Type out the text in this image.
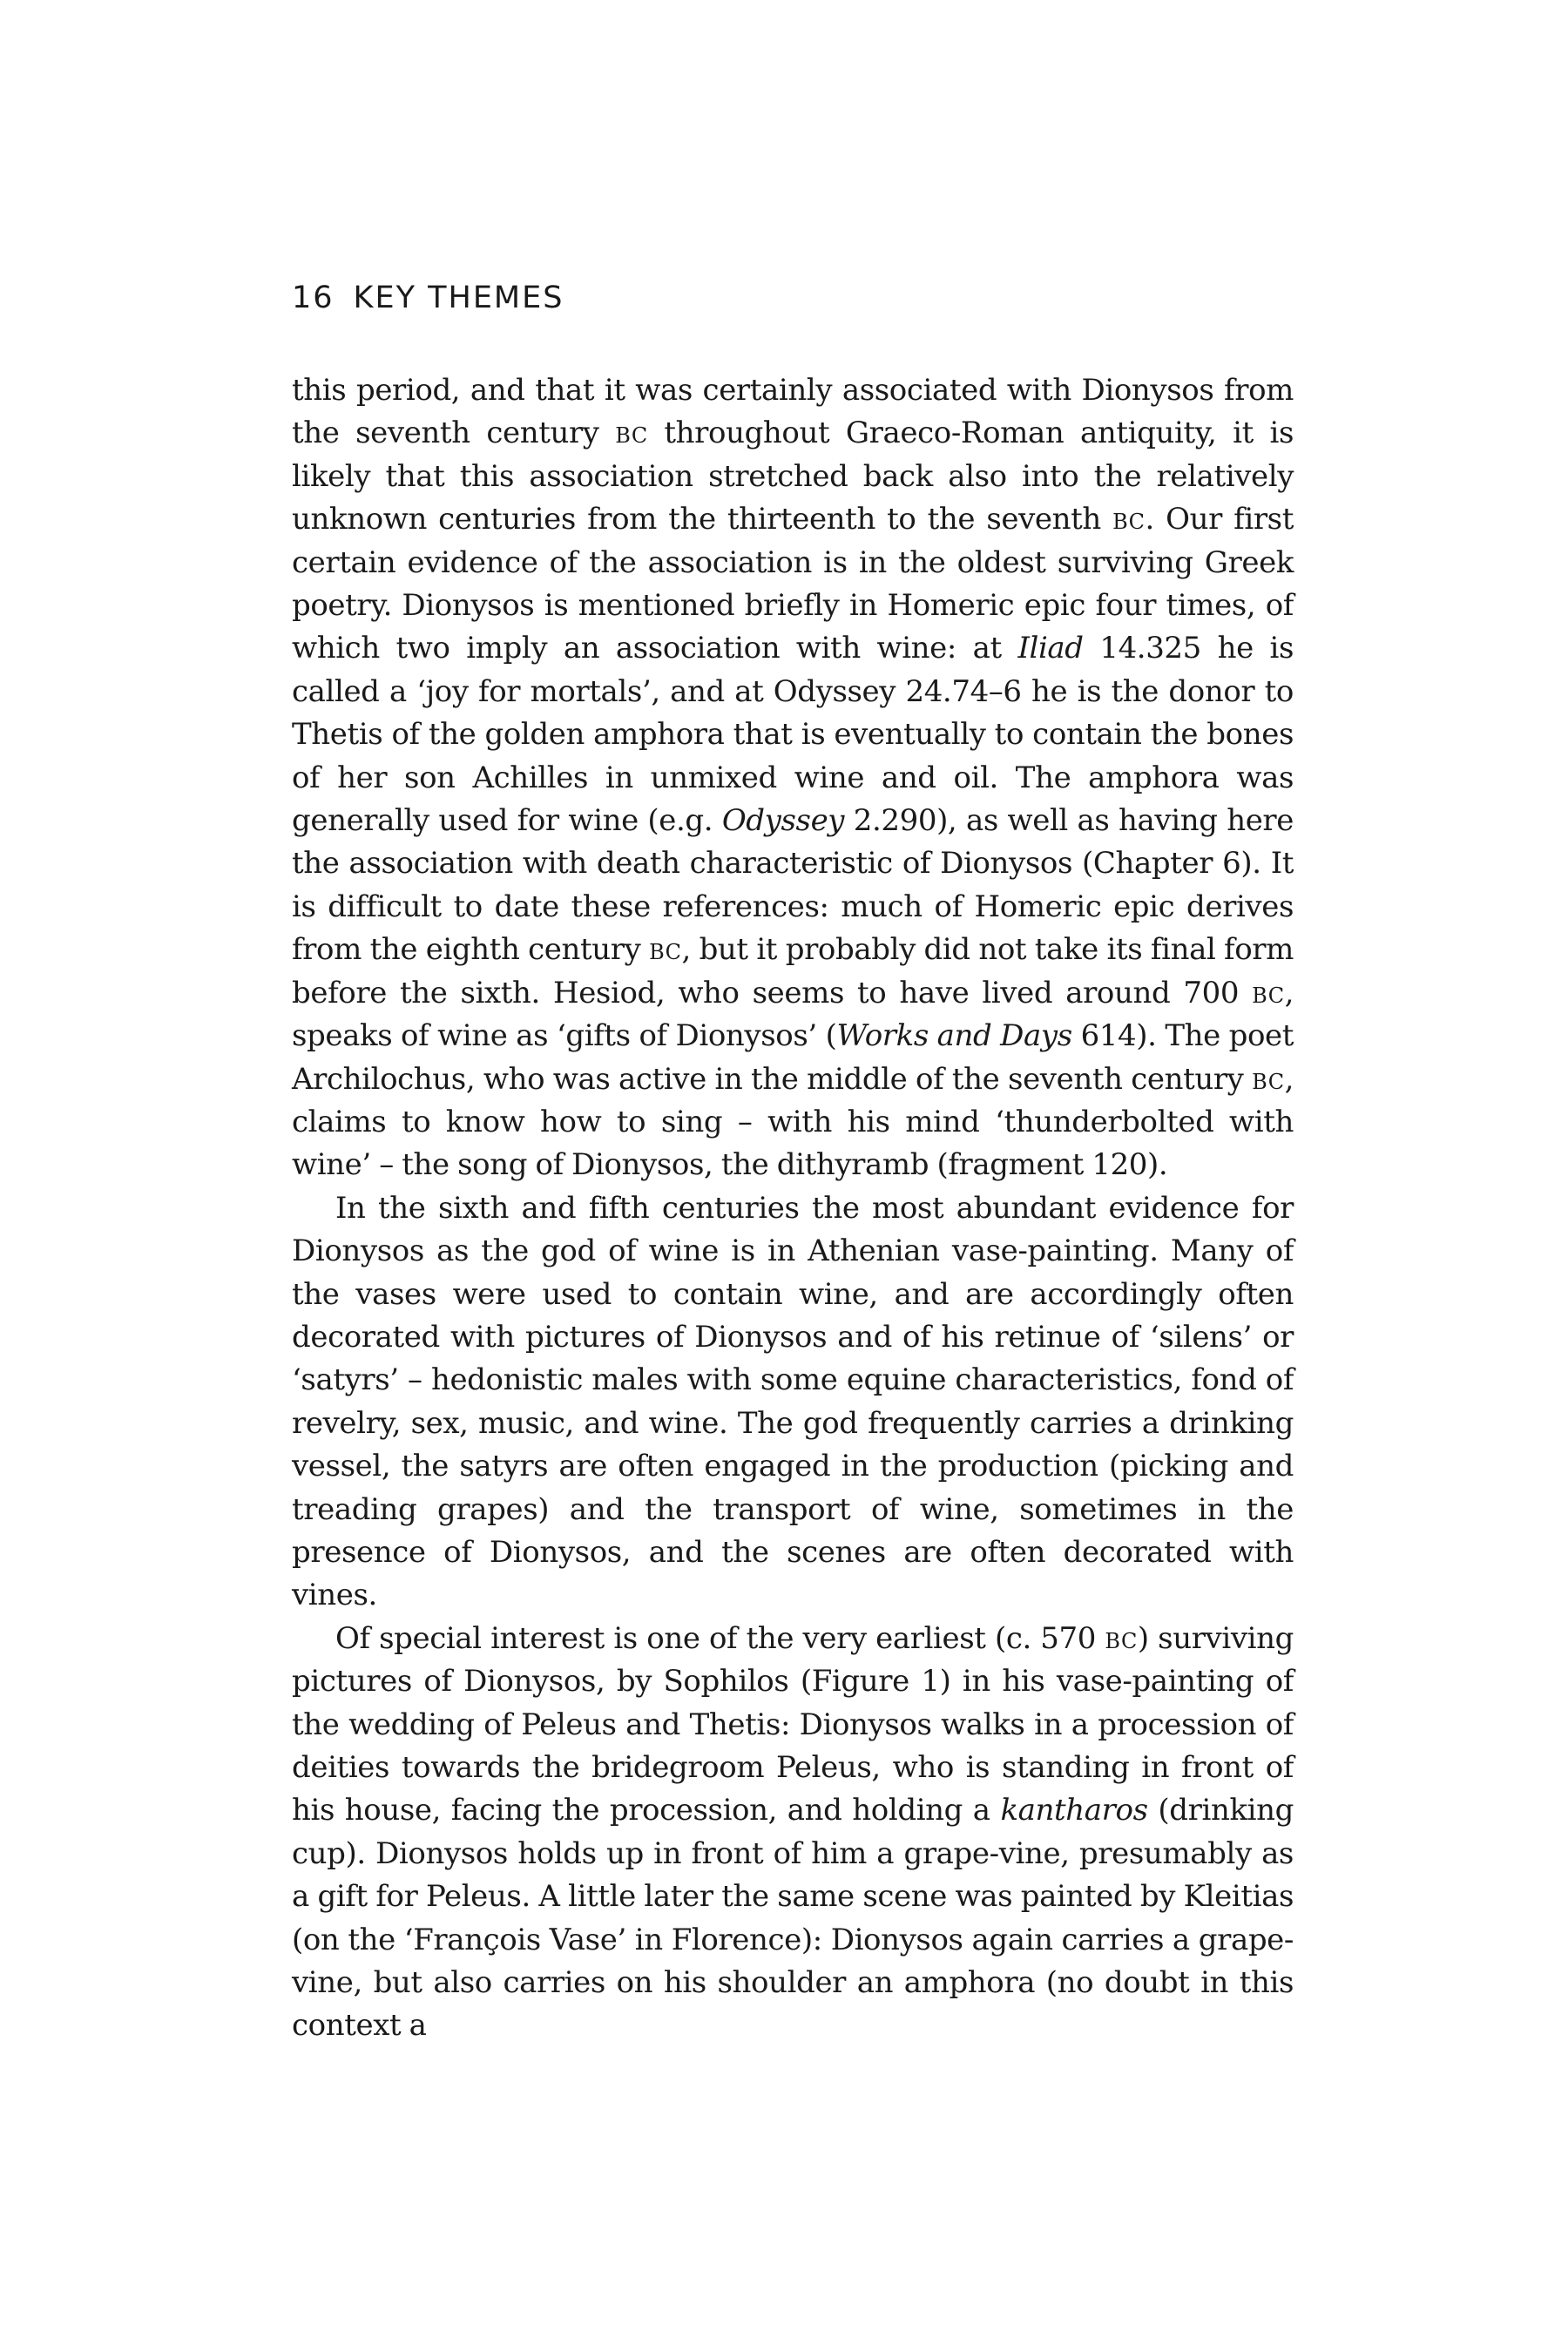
16 KEY THEMES

this period, and that it was certainly associated with Dionysos from the seventh century bc throughout Graeco-Roman antiquity, it is likely that this association stretched back also into the relatively unknown centuries from the thirteenth to the seventh bc. Our first certain evidence of the association is in the oldest surviving Greek poetry. Dionysos is mentioned briefly in Homeric epic four times, of which two imply an association with wine: at Iliad 14.325 he is called a ‘joy for mortals’, and at Odyssey 24.74–6 he is the donor to Thetis of the golden amphora that is eventually to contain the bones of her son Achilles in unmixed wine and oil. The amphora was generally used for wine (e.g. Odyssey 2.290), as well as having here the association with death characteristic of Dionysos (Chapter 6). It is difficult to date these references: much of Homeric epic derives from the eighth century bc, but it probably did not take its final form before the sixth. Hesiod, who seems to have lived around 700 bc, speaks of wine as ‘gifts of Dionysos’ (Works and Days 614). The poet Archilochus, who was active in the middle of the seventh century bc, claims to know how to sing – with his mind ‘thunderbolted with wine’ – the song of Dionysos, the dithyramb (fragment 120).

In the sixth and fifth centuries the most abundant evidence for Dionysos as the god of wine is in Athenian vase-painting. Many of the vases were used to contain wine, and are accordingly often decorated with pictures of Dionysos and of his retinue of ‘silens’ or ‘satyrs’ – hedonistic males with some equine characteristics, fond of revelry, sex, music, and wine. The god frequently carries a drinking vessel, the satyrs are often engaged in the production (picking and treading grapes) and the transport of wine, sometimes in the presence of Dionysos, and the scenes are often decorated with vines.

Of special interest is one of the very earliest (c. 570 bc) surviving pictures of Dionysos, by Sophilos (Figure 1) in his vase-painting of the wedding of Peleus and Thetis: Dionysos walks in a procession of deities towards the bridegroom Peleus, who is standing in front of his house, facing the procession, and holding a kantharos (drinking cup). Dionysos holds up in front of him a grape-vine, presumably as a gift for Peleus. A little later the same scene was painted by Kleitias (on the ‘François Vase’ in Florence): Dionysos again carries a grape-vine, but also carries on his shoulder an amphora (no doubt in this context a
